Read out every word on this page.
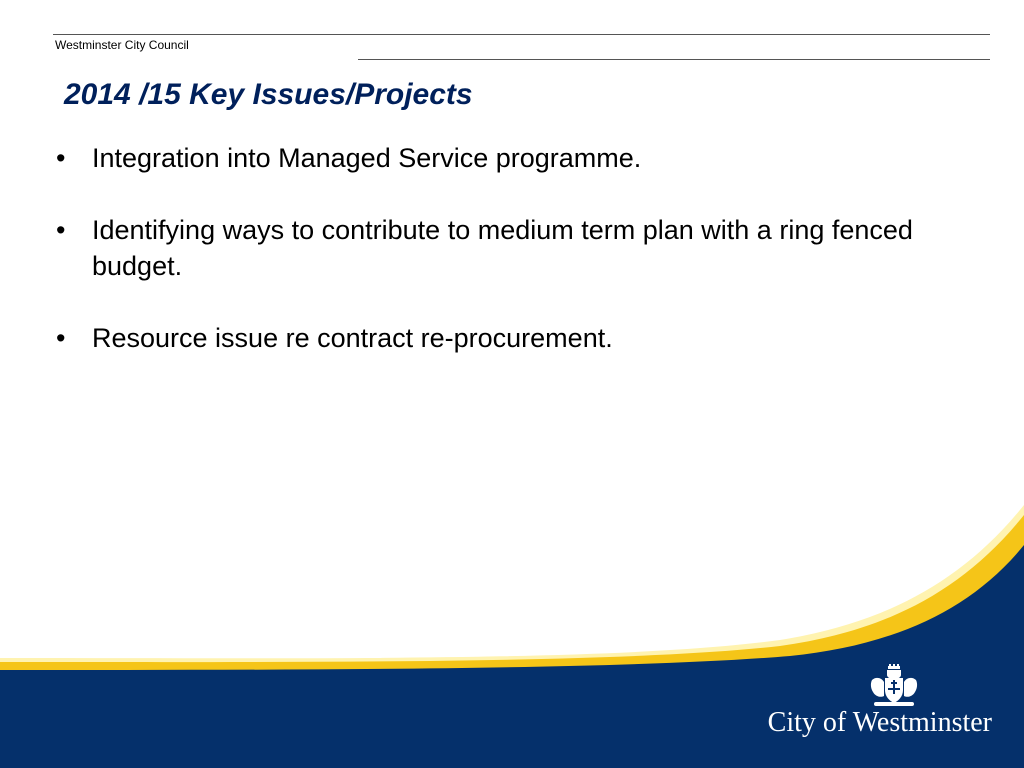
Westminster City Council
2014 /15 Key Issues/Projects
• Integration into Managed Service programme.
• Identifying ways to contribute to medium term plan with a ring fenced budget.
• Resource issue re contract re-procurement.
City of Westminster
